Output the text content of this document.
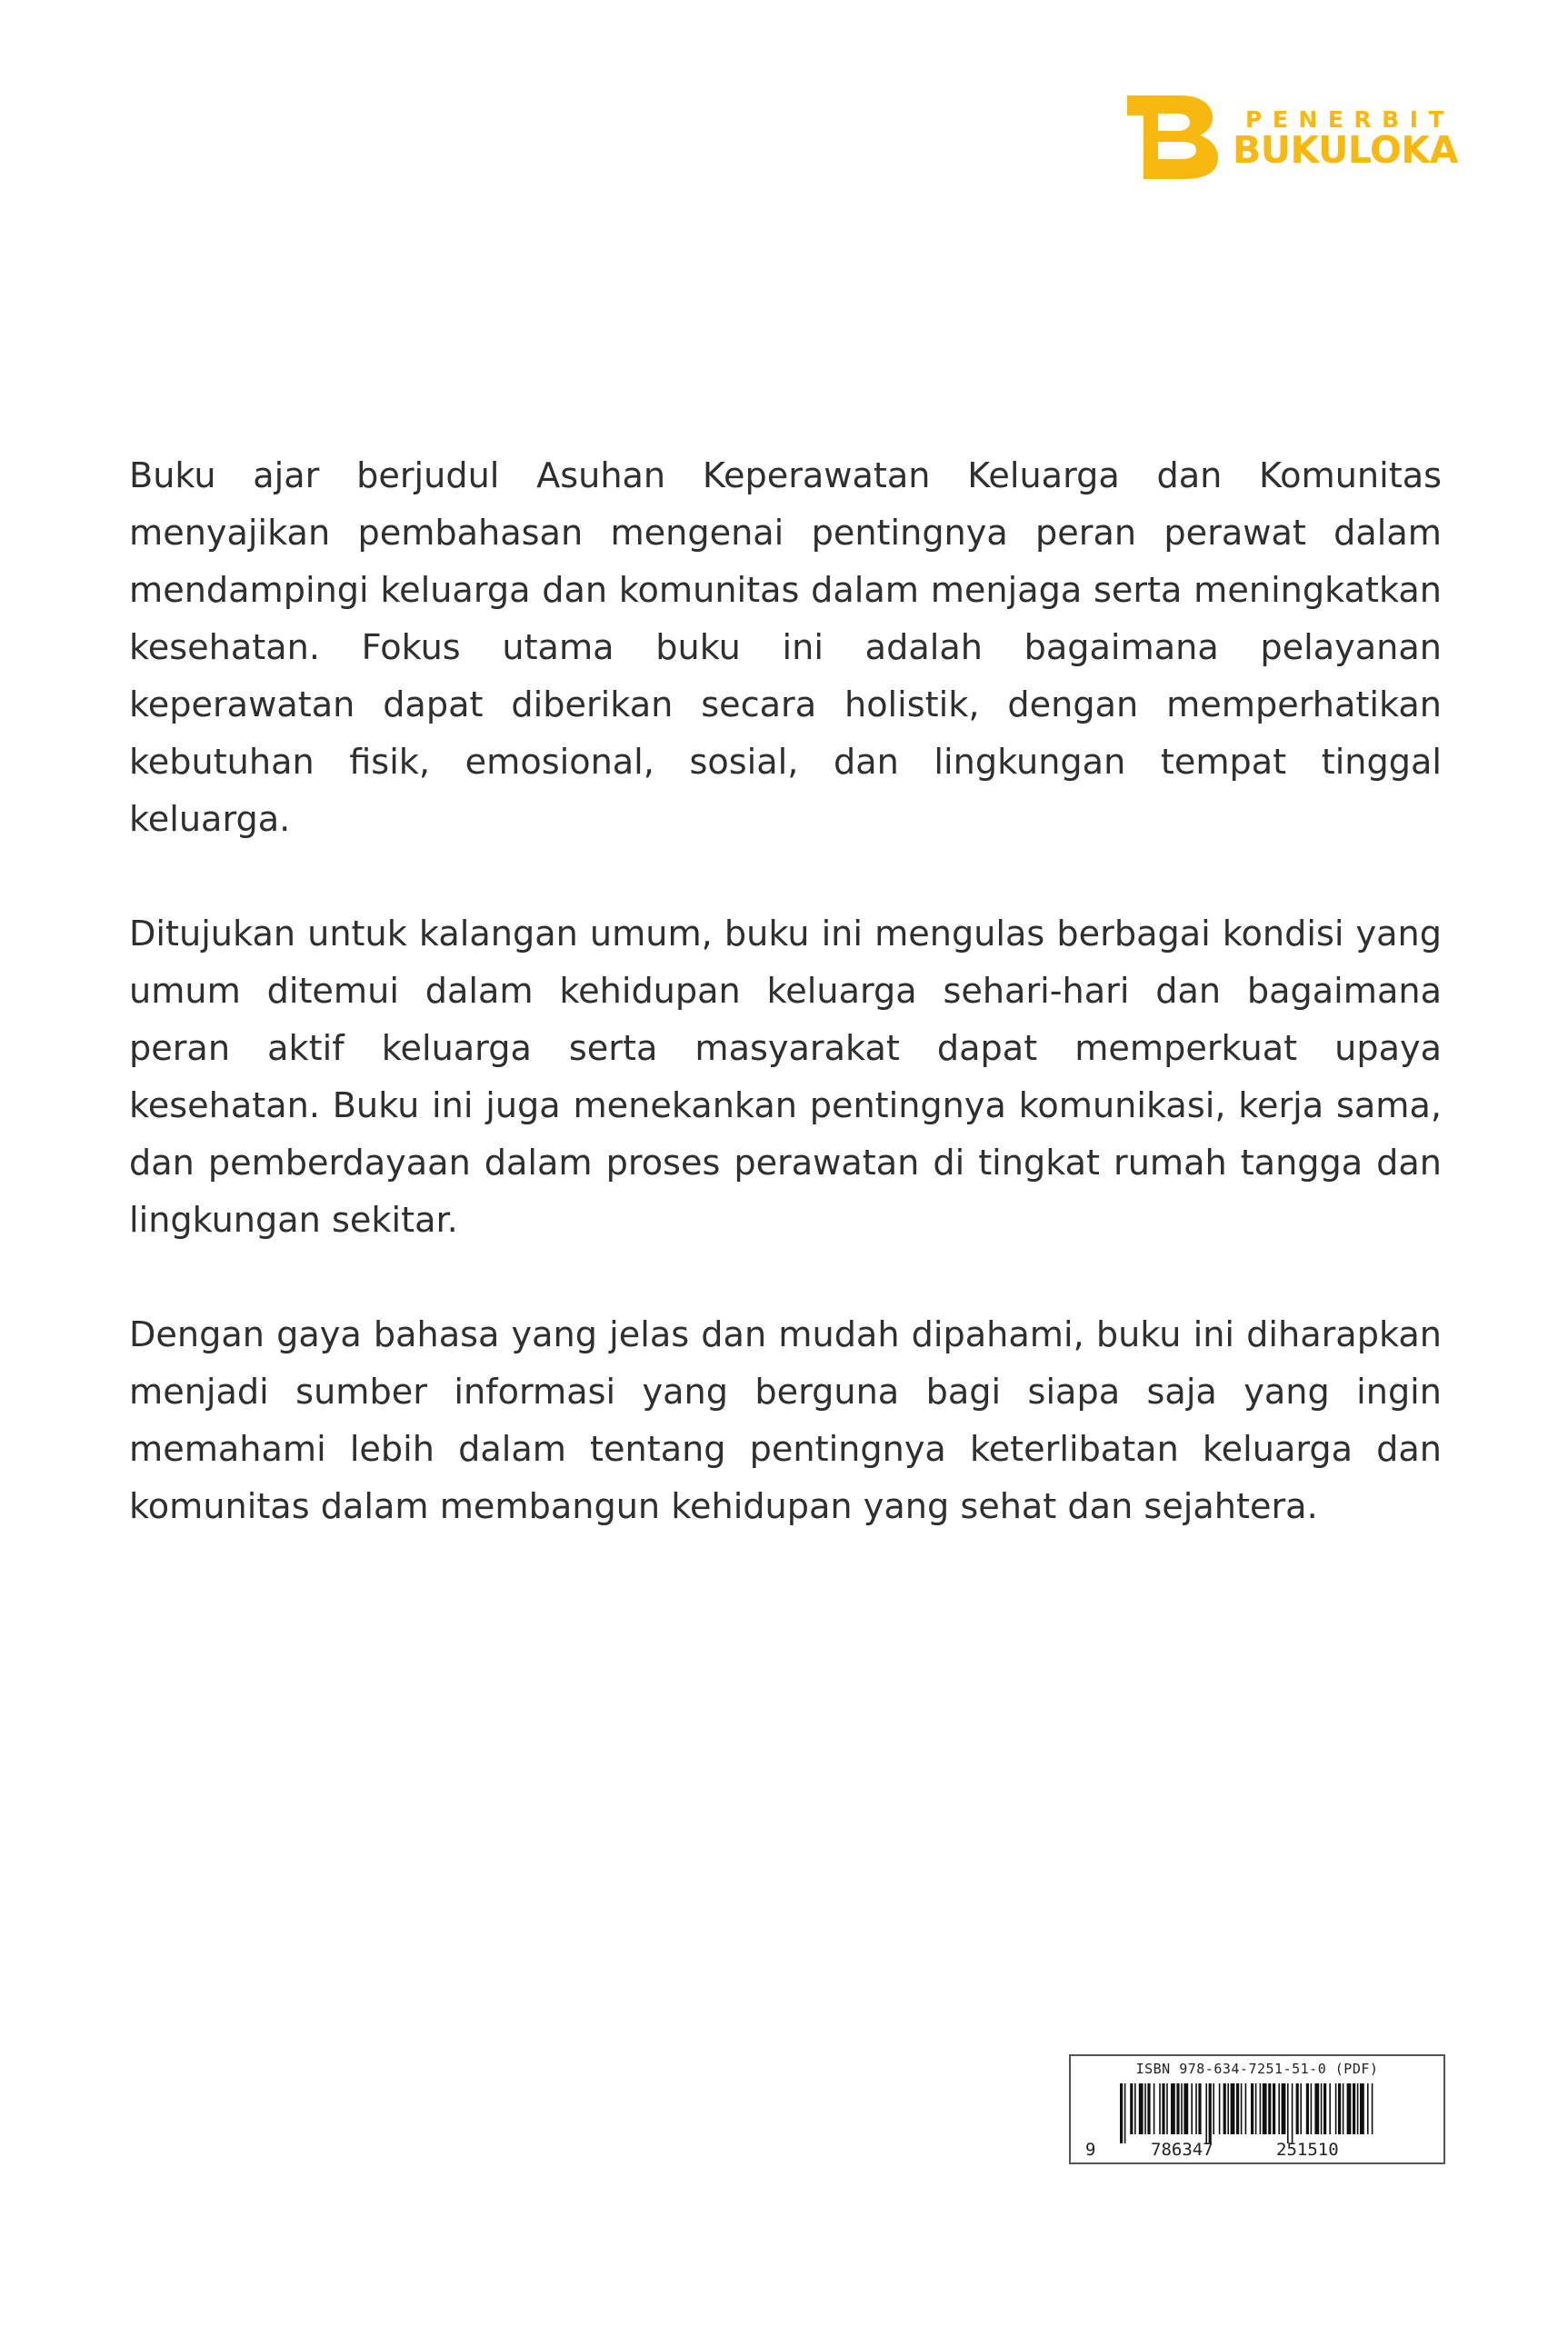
PENERBIT
BUKULOKA

Buku ajar berjudul Asuhan Keperawatan Keluarga dan Komunitas menyajikan pembahasan mengenai pentingnya peran perawat dalam mendampingi keluarga dan komunitas dalam menjaga serta meningkatkan kesehatan. Fokus utama buku ini adalah bagaimana pelayanan keperawatan dapat diberikan secara holistik, dengan memperhatikan kebutuhan fisik, emosional, sosial, dan lingkungan tempat tinggal keluarga.

Ditujukan untuk kalangan umum, buku ini mengulas berbagai kondisi yang umum ditemui dalam kehidupan keluarga sehari-hari dan bagaimana peran aktif keluarga serta masyarakat dapat memperkuat upaya kesehatan. Buku ini juga menekankan pentingnya komunikasi, kerja sama, dan pemberdayaan dalam proses perawatan di tingkat rumah tangga dan lingkungan sekitar.

Dengan gaya bahasa yang jelas dan mudah dipahami, buku ini diharapkan menjadi sumber informasi yang berguna bagi siapa saja yang ingin memahami lebih dalam tentang pentingnya keterlibatan keluarga dan komunitas dalam membangun kehidupan yang sehat dan sejahtera.

ISBN 978-634-7251-51-0 (PDF)
9	786347	251510
